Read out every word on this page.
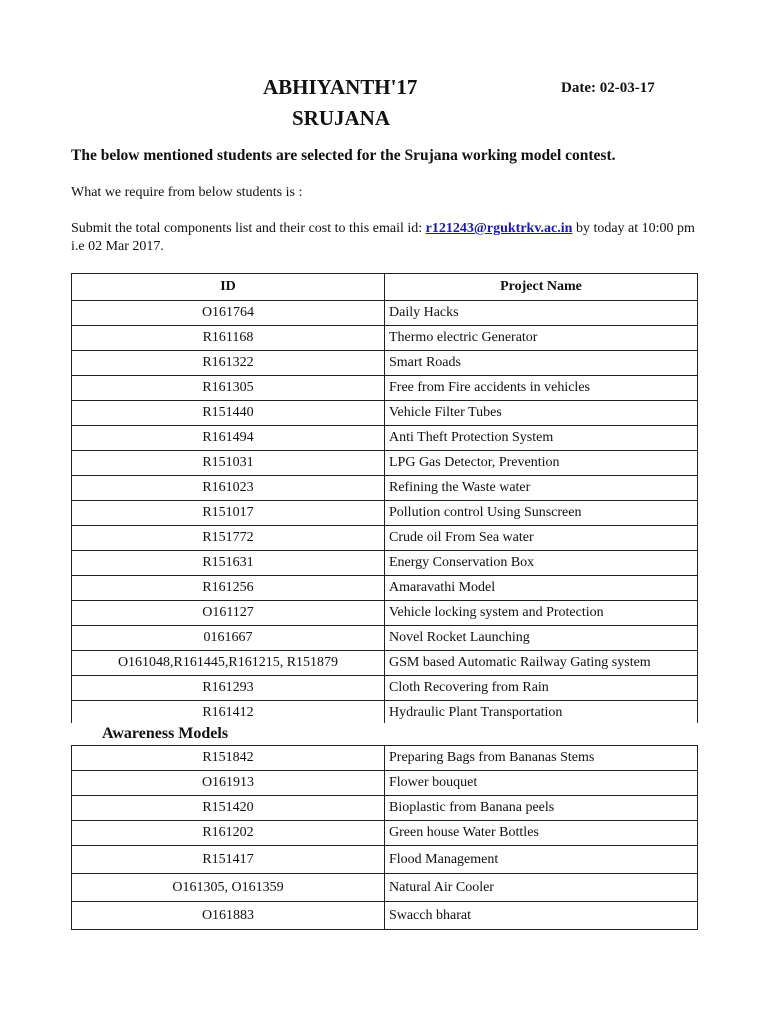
ABHIYANTH'17	Date: 02-03-17
SRUJANA
The below mentioned students are selected for the Srujana working model contest.
What we require from below students is :
Submit the total components list and their cost to this email id: r121243@rguktrkv.ac.in by today at 10:00 pm i.e 02 Mar 2017.
ID	Project Name
O161764	Daily Hacks
R161168	Thermo electric Generator
R161322	Smart Roads
R161305	Free from Fire accidents in vehicles
R151440	Vehicle Filter Tubes
R161494	Anti Theft Protection System
R151031	LPG Gas Detector, Prevention
R161023	Refining the Waste water
R151017	Pollution control Using Sunscreen
R151772	Crude oil From Sea water
R151631	Energy Conservation Box
R161256	Amaravathi Model
O161127	Vehicle locking system and Protection
0161667	Novel Rocket Launching
O161048,R161445,R161215, R151879	GSM based Automatic Railway Gating system
R161293	Cloth Recovering from Rain
R161412	Hydraulic Plant Transportation
Awareness Models
R151842	Preparing Bags from Bananas Stems
O161913	Flower bouquet
R151420	Bioplastic from Banana peels
R161202	Green house Water Bottles
R151417	Flood Management
O161305, O161359	Natural Air Cooler
O161883	Swacch bharat
